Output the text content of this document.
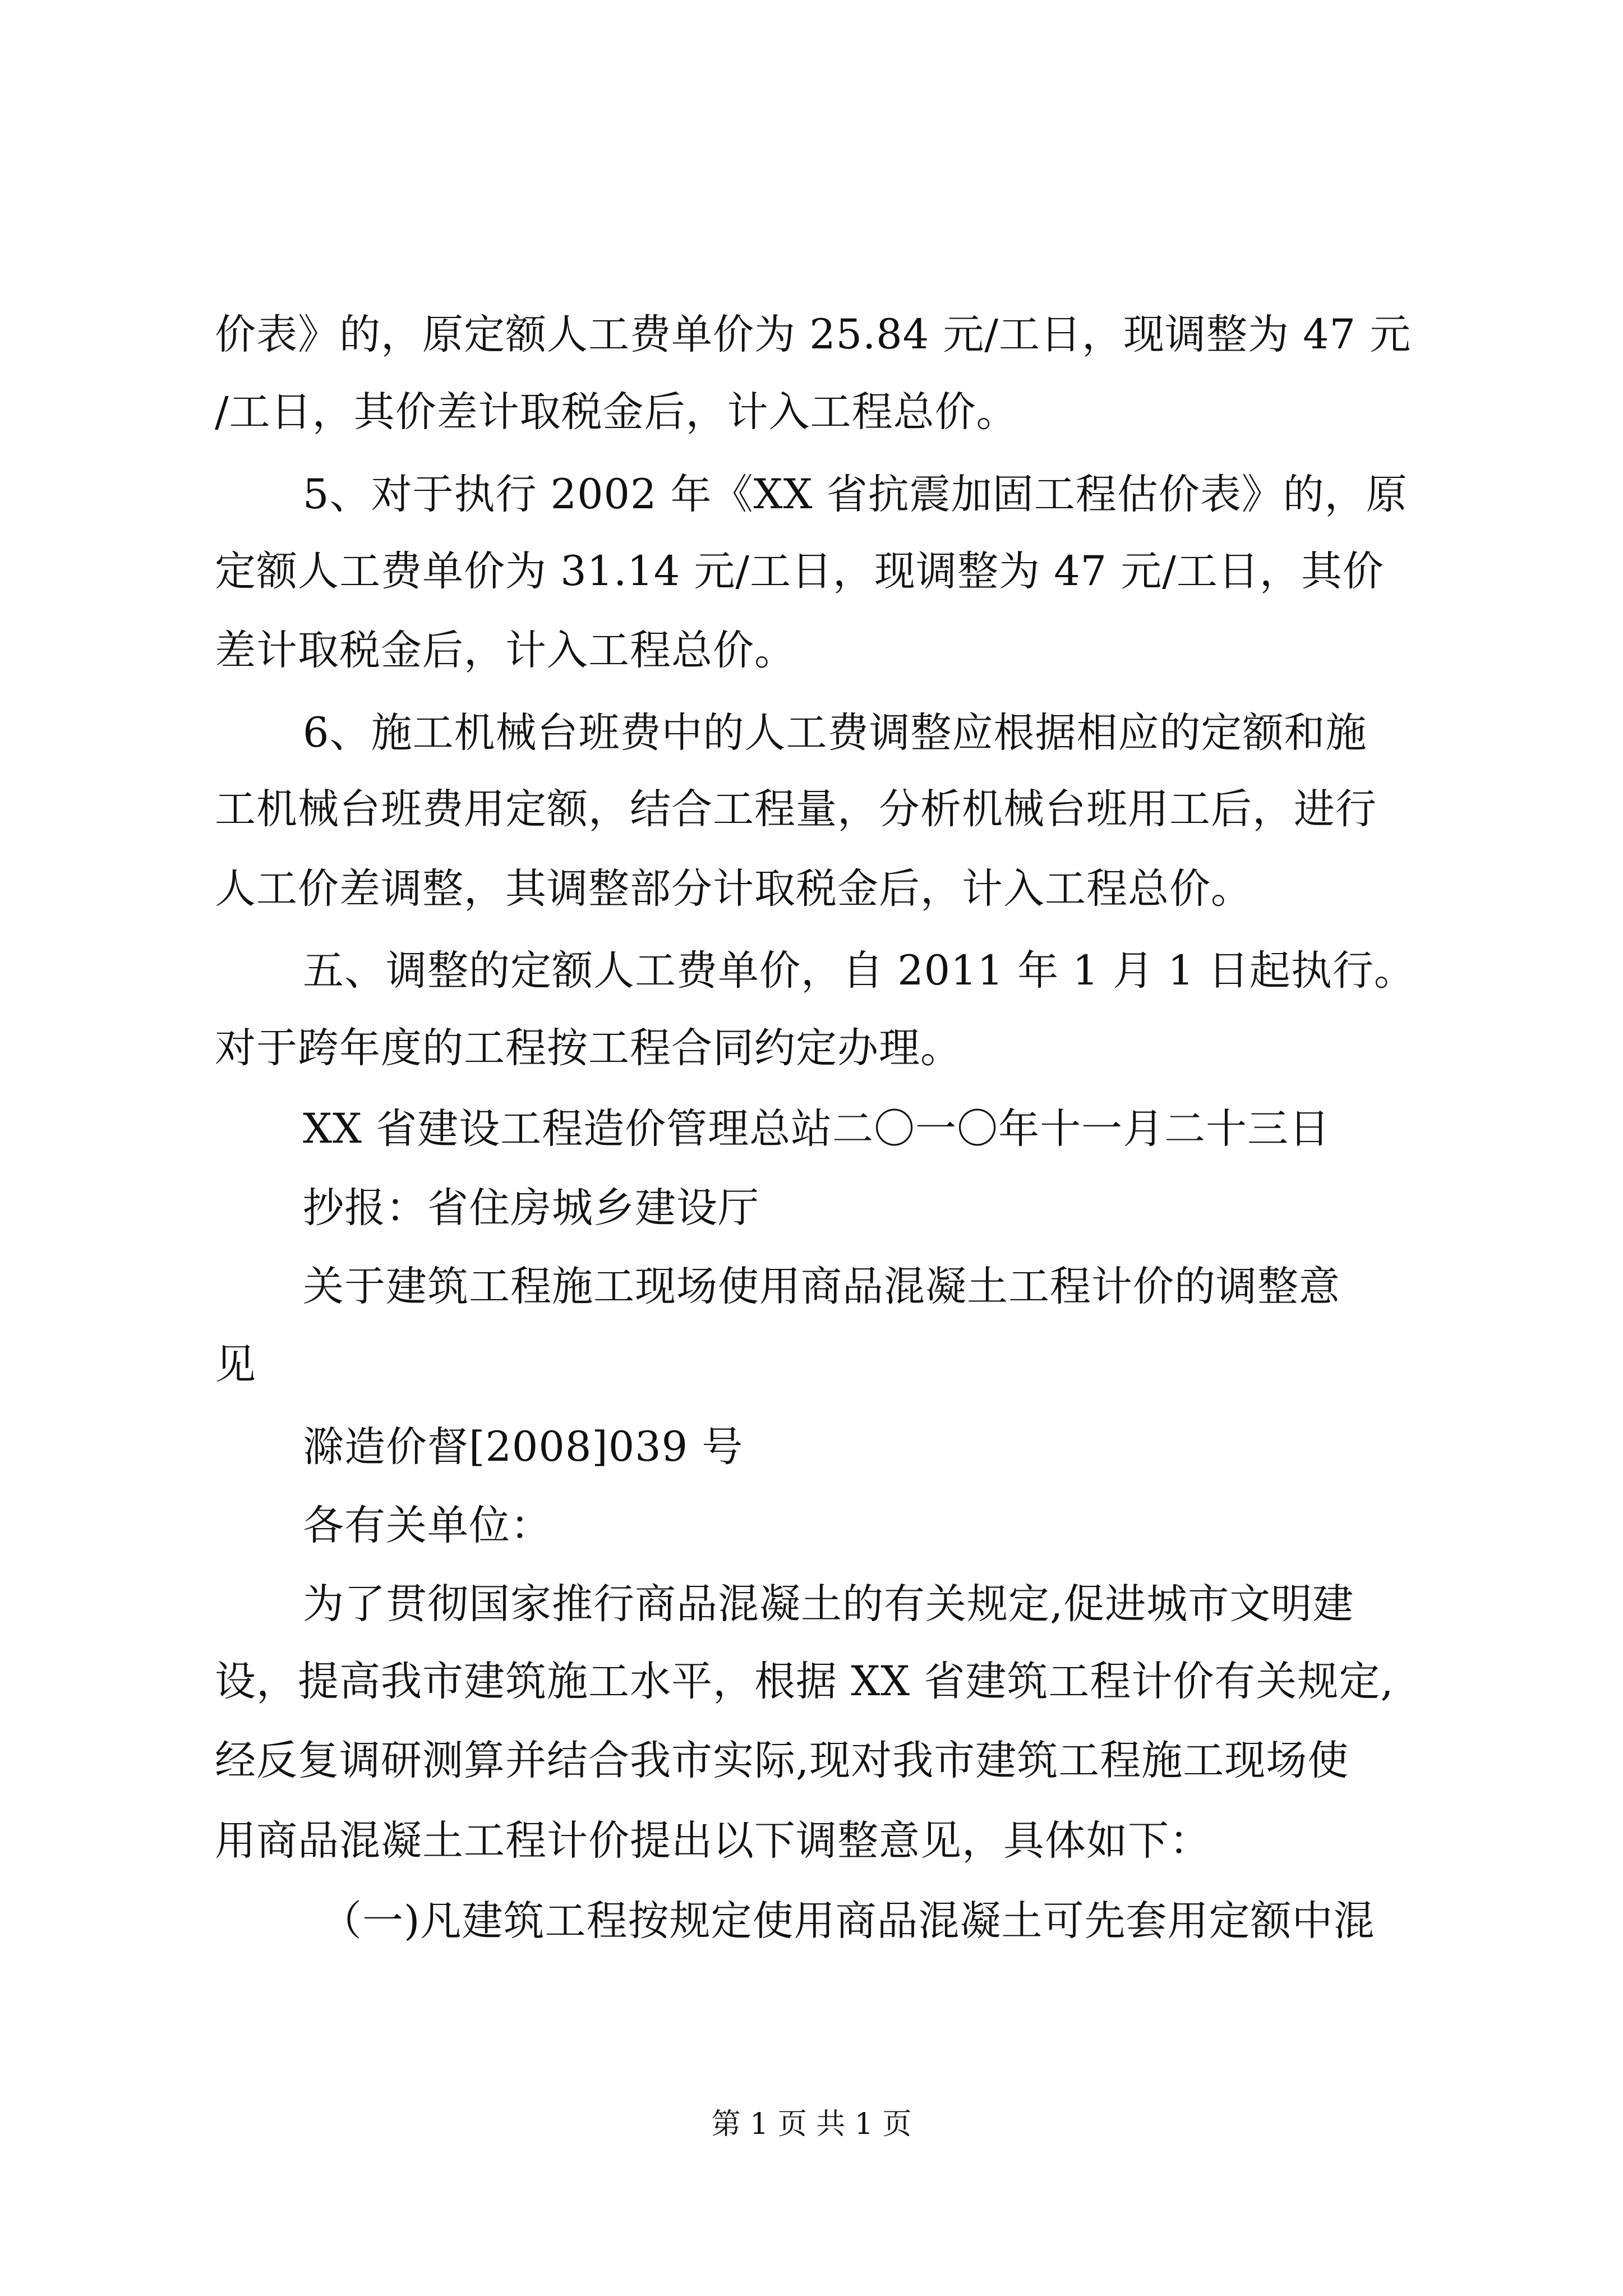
价表》的，原定额人工费单价为 25.84 元/工日，现调整为 47 元
/工日，其价差计取税金后，计入工程总价。
5、对于执行 2002 年《XX 省抗震加固工程估价表》的，原
定额人工费单价为 31.14 元/工日，现调整为 47 元/工日，其价
差计取税金后，计入工程总价。
6、施工机械台班费中的人工费调整应根据相应的定额和施
工机械台班费用定额，结合工程量，分析机械台班用工后，进行
人工价差调整，其调整部分计取税金后，计入工程总价。
五、调整的定额人工费单价，自 2011 年 1 月 1 日起执行。
对于跨年度的工程按工程合同约定办理。
XX 省建设工程造价管理总站二〇一〇年十一月二十三日
抄报：省住房城乡建设厅
关于建筑工程施工现场使用商品混凝土工程计价的调整意
见
滁造价督[2008]039 号
各有关单位：
为了贯彻国家推行商品混凝土的有关规定,促进城市文明建
设，提高我市建筑施工水平，根据 XX 省建筑工程计价有关规定,
经反复调研测算并结合我市实际,现对我市建筑工程施工现场使
用商品混凝土工程计价提出以下调整意见，具体如下：
（一)凡建筑工程按规定使用商品混凝土可先套用定额中混
第 1 页 共 1 页
